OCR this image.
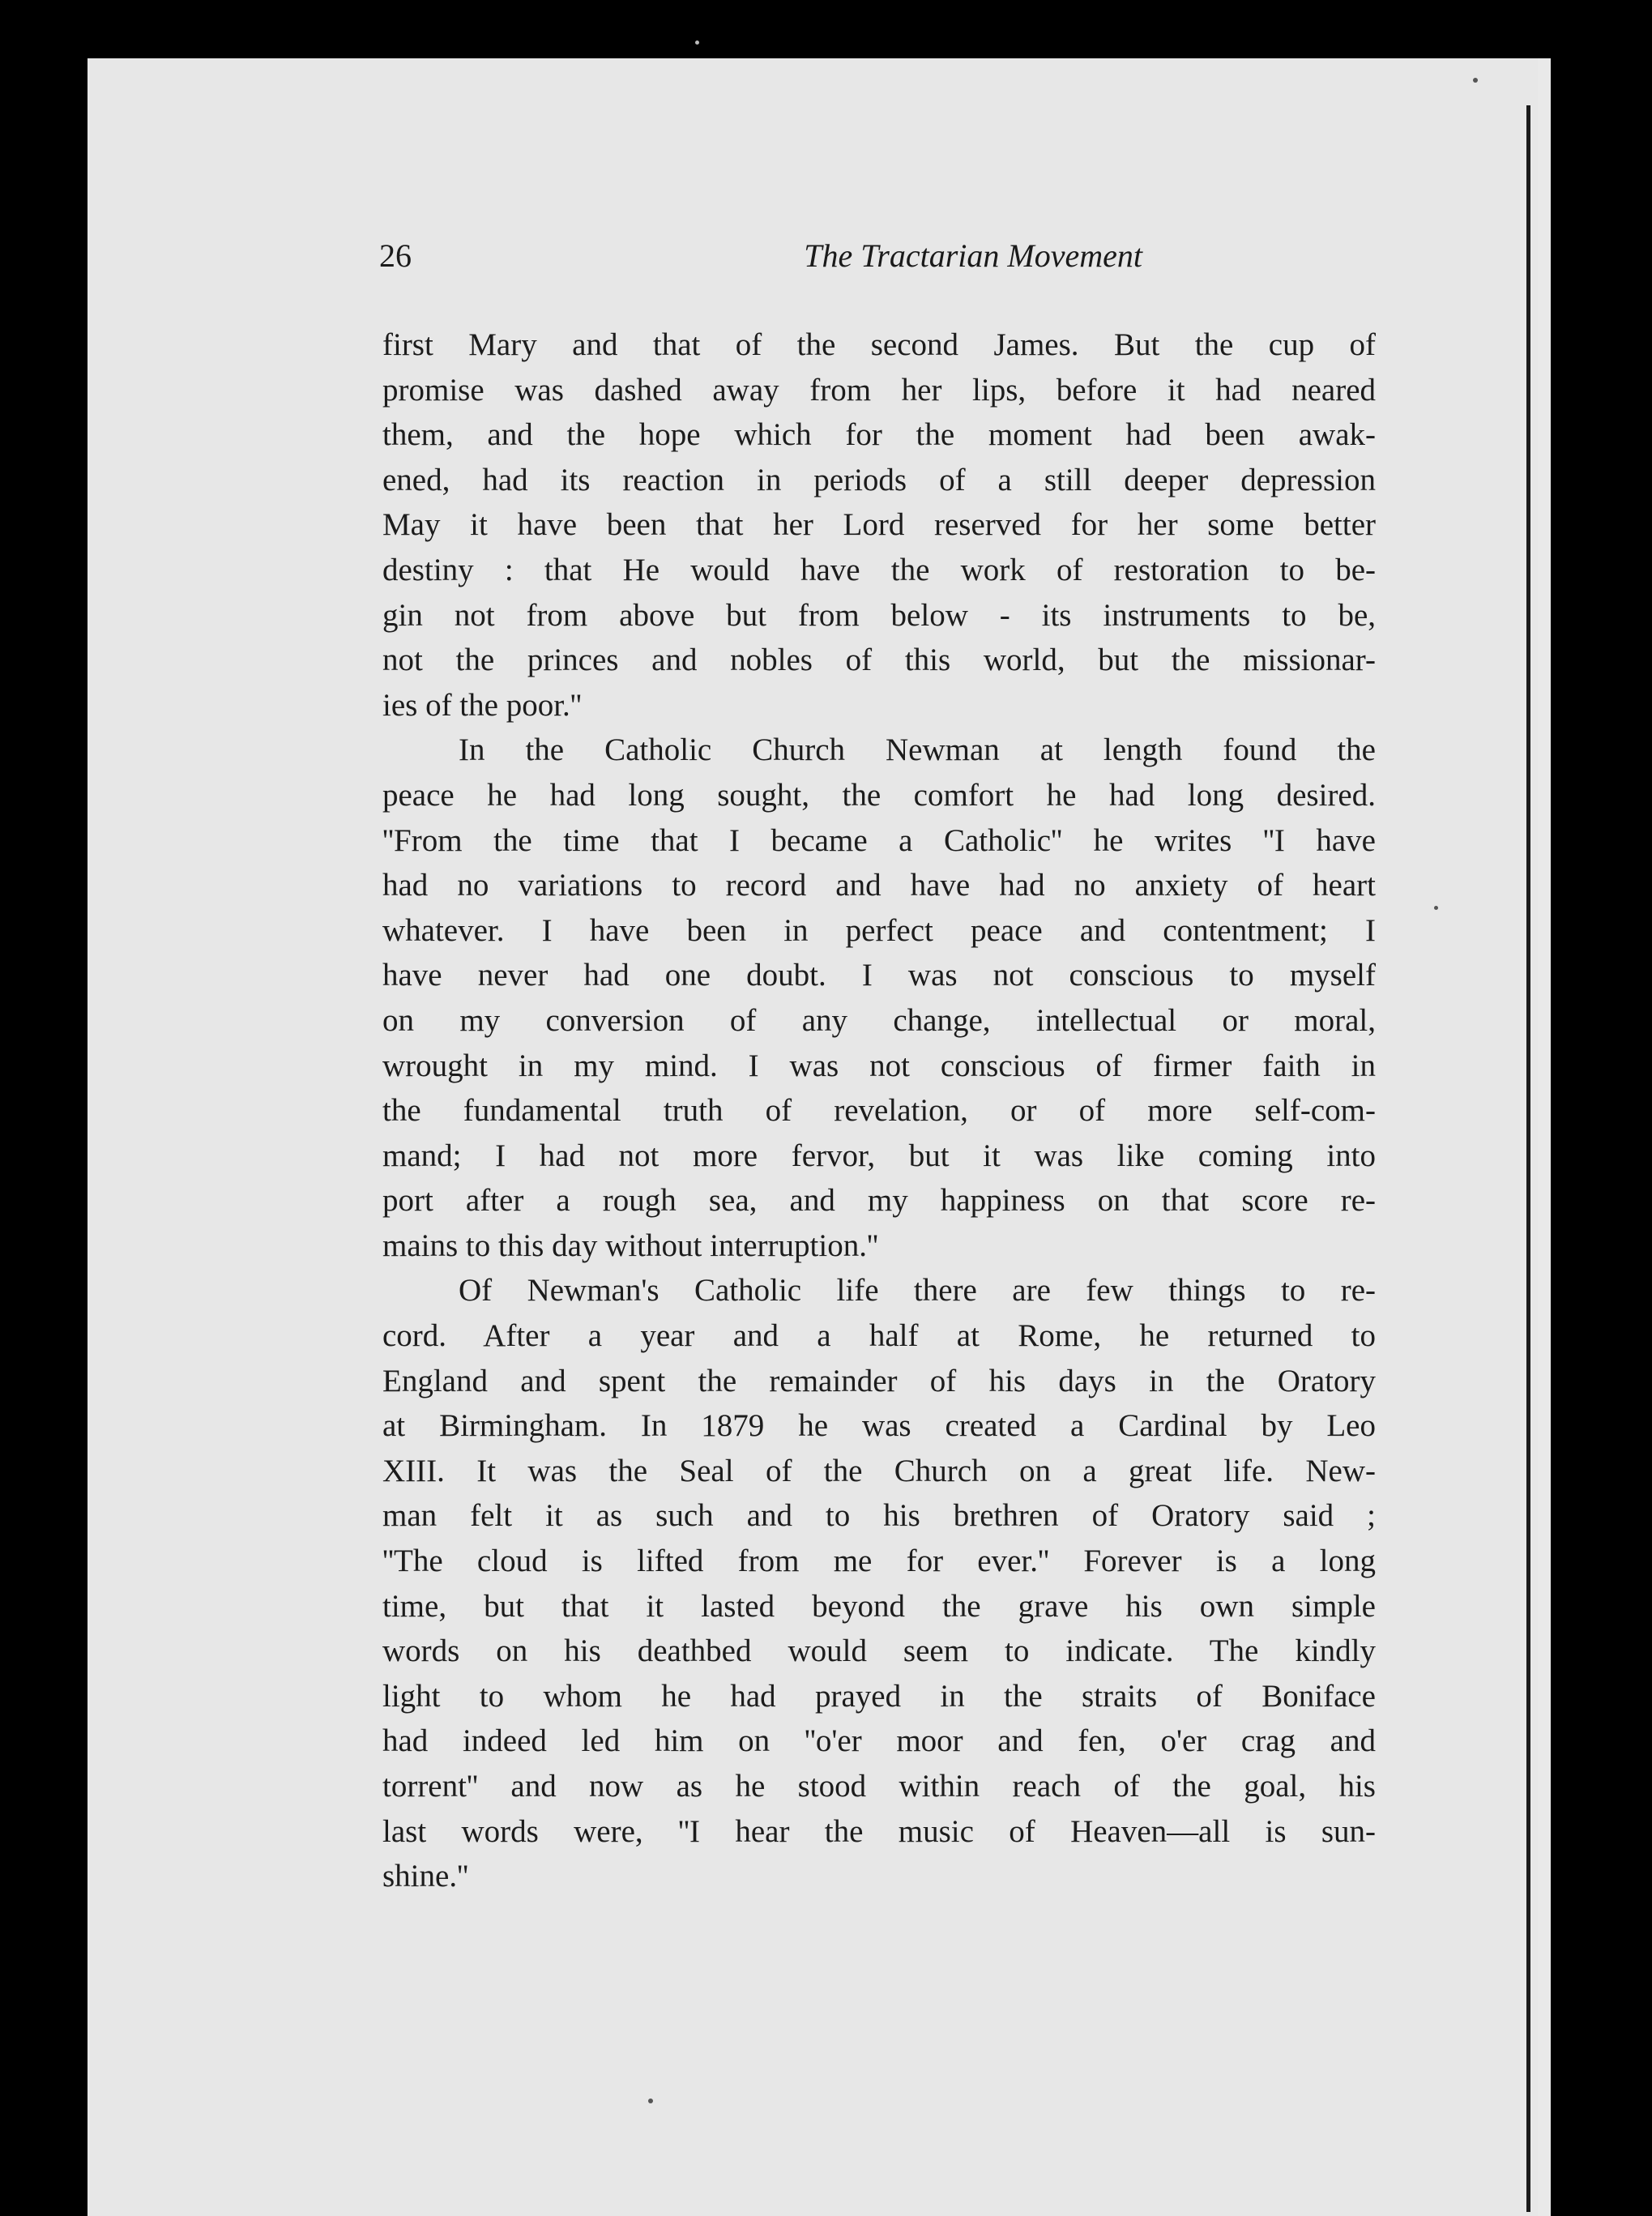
26	The Tractarian Movement
first Mary and that of the second James. But the cup of
promise was dashed away from her lips, before it had neared
them, and the hope which for the moment had been awak-
ened, had its reaction in periods of a still deeper depression
May it have been that her Lord reserved for her some better
destiny : that He would have the work of restoration to be-
gin not from above but from below - its instruments to be,
not the princes and nobles of this world, but the missionar-
ies of the poor.''
In the Catholic Church Newman at length found the
peace he had long sought, the comfort he had long desired.
''From the time that I became a Catholic'' he writes ''I have
had no variations to record and have had no anxiety of heart
whatever. I have been in perfect peace and contentment; I
have never had one doubt. I was not conscious to myself
on my conversion of any change, intellectual or moral,
wrought in my mind. I was not conscious of firmer faith in
the fundamental truth of revelation, or of more self-com-
mand; I had not more fervor, but it was like coming into
port after a rough sea, and my happiness on that score re-
mains to this day without interruption.''
Of Newman's Catholic life there are few things to re-
cord. After a year and a half at Rome, he returned to
England and spent the remainder of his days in the Oratory
at Birmingham. In 1879 he was created a Cardinal by Leo
XIII. It was the Seal of the Church on a great life. New-
man felt it as such and to his brethren of Oratory said ;
''The cloud is lifted from me for ever.'' Forever is a long
time, but that it lasted beyond the grave his own simple
words on his deathbed would seem to indicate. The kindly
light to whom he had prayed in the straits of Boniface
had indeed led him on ''o'er moor and fen, o'er crag and
torrent'' and now as he stood within reach of the goal, his
last words were, ''I hear the music of Heaven—all is sun-
shine.''
